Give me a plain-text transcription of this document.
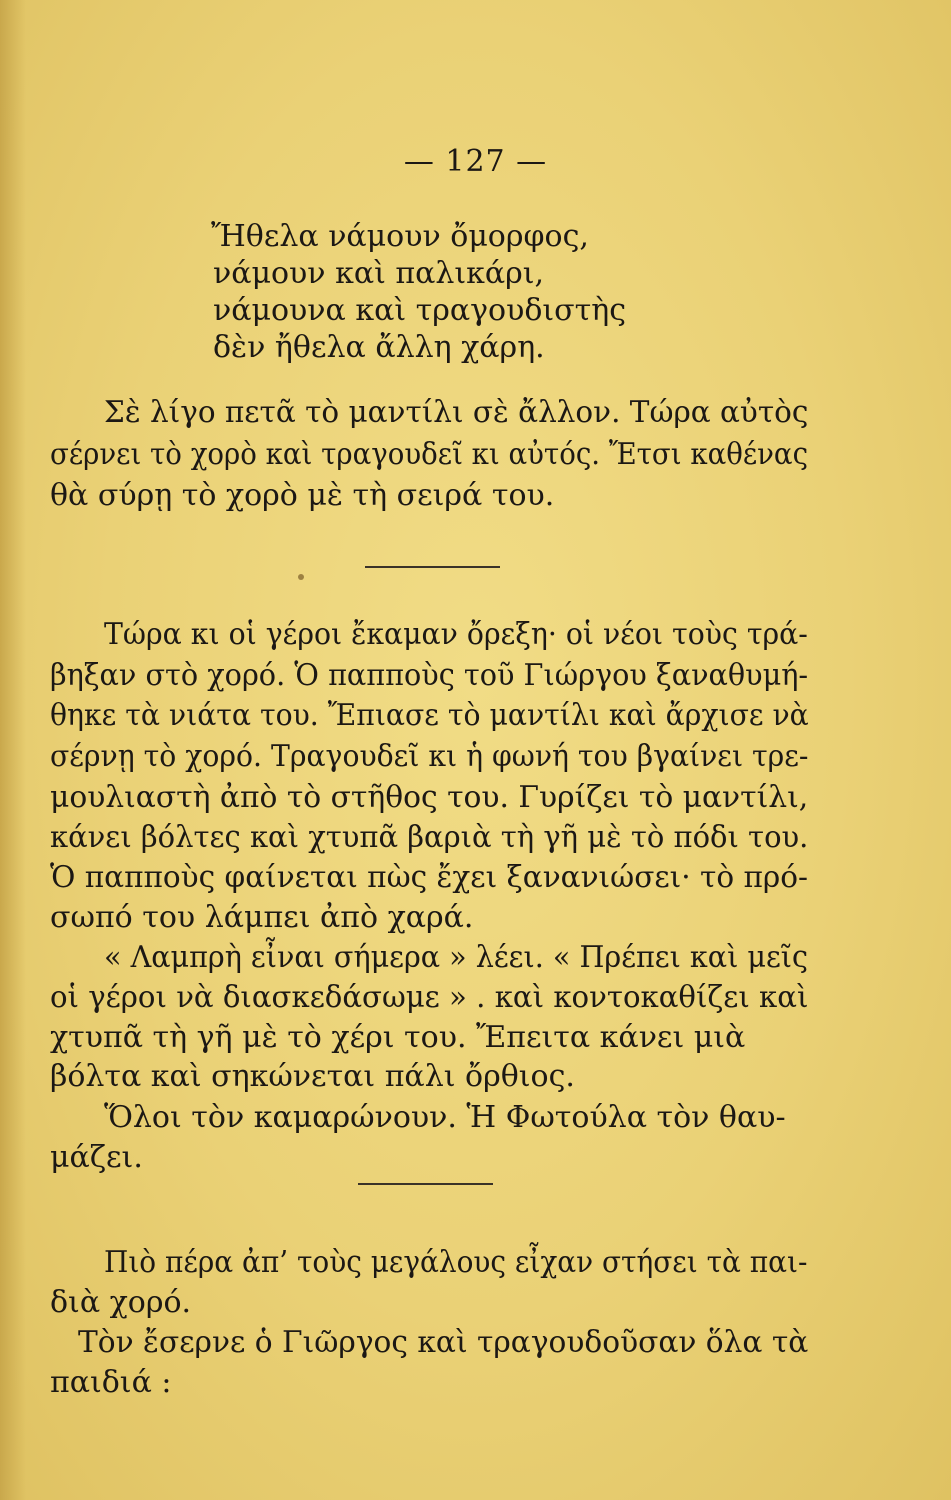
— 127 —
Ἤθελα νάμουν ὄμορφος,
νάμουν καὶ παλικάρι,
νάμουνα καὶ τραγουδιστὴς
δὲν ἤθελα ἄλλη χάρη.
Σὲ λίγο πετᾶ τὸ μαντίλι σὲ ἄλλον. Τώρα αὐτὸς
σέρνει τὸ χορὸ καὶ τραγουδεῖ κι αὐτός. Ἔτσι καθένας
θὰ σύρῃ τὸ χορὸ μὲ τὴ σειρά του.
Τώρα κι οἱ γέροι ἔκαμαν ὄρεξη· οἱ νέοι τοὺς τρά-
βηξαν στὸ χορό. Ὁ παπποὺς τοῦ Γιώργου ξαναθυμή-
θηκε τὰ νιάτα του. Ἔπιασε τὸ μαντίλι καὶ ἄρχισε νὰ
σέρνῃ τὸ χορό. Τραγουδεῖ κι ἡ φωνή του βγαίνει τρε-
μουλιαστὴ ἀπὸ τὸ στῆθος του. Γυρίζει τὸ μαντίλι,
κάνει βόλτες καὶ χτυπᾶ βαριὰ τὴ γῆ μὲ τὸ πόδι του.
Ὁ παπποὺς φαίνεται πὼς ἔχει ξανανιώσει· τὸ πρό-
σωπό του λάμπει ἀπὸ χαρά.
« Λαμπρὴ εἶναι σήμερα » λέει. « Πρέπει καὶ μεῖς
οἱ γέροι νὰ διασκεδάσωμε » . καὶ κοντοκαθίζει καὶ
χτυπᾶ τὴ γῆ μὲ τὸ χέρι του. Ἔπειτα κάνει μιὰ
βόλτα καὶ σηκώνεται πάλι ὄρθιος.
Ὅλοι τὸν καμαρώνουν. Ἡ Φωτούλα τὸν θαυ-
μάζει.
Πιὸ πέρα ἀπ’ τοὺς μεγάλους εἶχαν στήσει τὰ παι-
διὰ χορό.
Τὸν ἔσερνε ὁ Γιῶργος καὶ τραγουδοῦσαν ὅλα τὰ
παιδιά :
